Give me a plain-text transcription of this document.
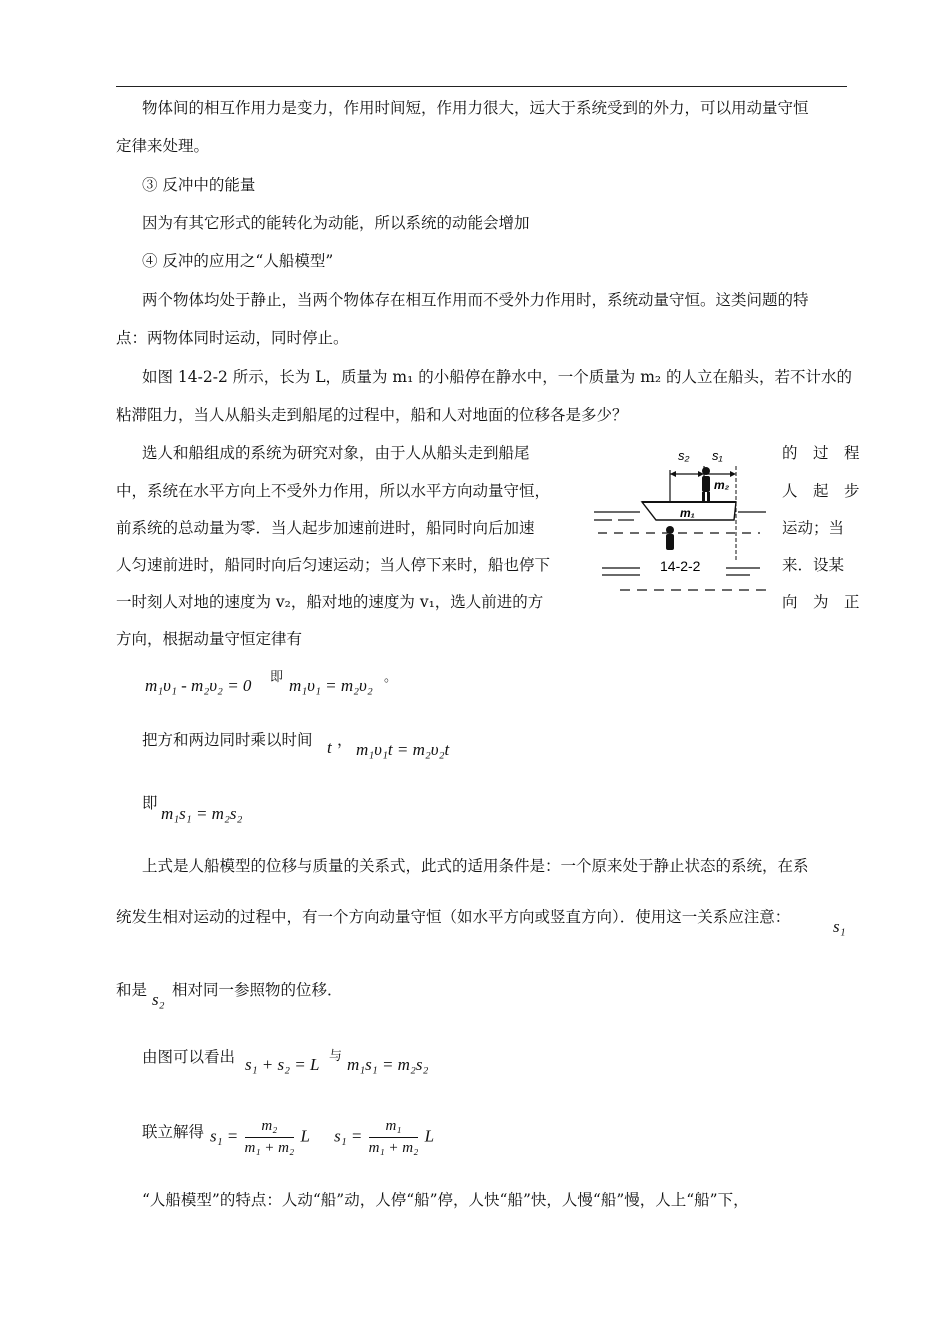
物体间的相互作用力是变力，作用时间短，作用力很大，远大于系统受到的外力，可以用动量守恒
定律来处理。
③ 反冲中的能量
因为有其它形式的能转化为动能，所以系统的动能会增加
④ 反冲的应用之“人船模型”
两个物体均处于静止，当两个物体存在相互作用而不受外力作用时，系统动量守恒。这类问题的特
点：两物体同时运动，同时停止。
如图 14-2-2 所示，长为 L，质量为 m₁ 的小船停在静水中，一个质量为 m₂ 的人立在船头，若不计水的
粘滞阻力，当人从船头走到船尾的过程中，船和人对地面的位移各是多少？
选人和船组成的系统为研究对象，由于人从船头走到船尾
中，系统在水平方向上不受外力作用，所以水平方向动量守恒，
前系统的总动量为零．当人起步加速前进时，船同时向后加速
人匀速前进时，船同时向后匀速运动；当人停下来时，船也停下
一时刻人对地的速度为 v₂，船对地的速度为 v₁，选人前进的方
方向，根据动量守恒定律有
的　过　程
人　起　步
运动；当
来．设某
向　为　正
s₂ s₁
m₂
m₁
14-2-2
m₁υ₁ - m₂υ₂ = 0 即 m₁υ₁ = m₂υ₂ 。
把方和两边同时乘以时间 t ， m₁υ₁t = m₂υ₂t
即
m₁s₁ = m₂s₂
上式是人船模型的位移与质量的关系式，此式的适用条件是：一个原来处于静止状态的系统，在系
统发生相对运动的过程中，有一个方向动量守恒（如水平方向或竖直方向）．使用这一关系应注意：	s₁
和是 s₂ 相对同一参照物的位移．
由图可以看出 s₁ + s₂ = L 与 m₁s₁ = m₂s₂
联立解得 $s_1 = \frac{\text{m₂}}{\text{m₁ + m₂}}$ L $s_1 = \frac{\text{m₁}}{\text{m₁ + m₂}}$ L
“人船模型”的特点：人动“船”动，人停“船”停，人快“船”快，人慢“船”慢，人上“船”下，
